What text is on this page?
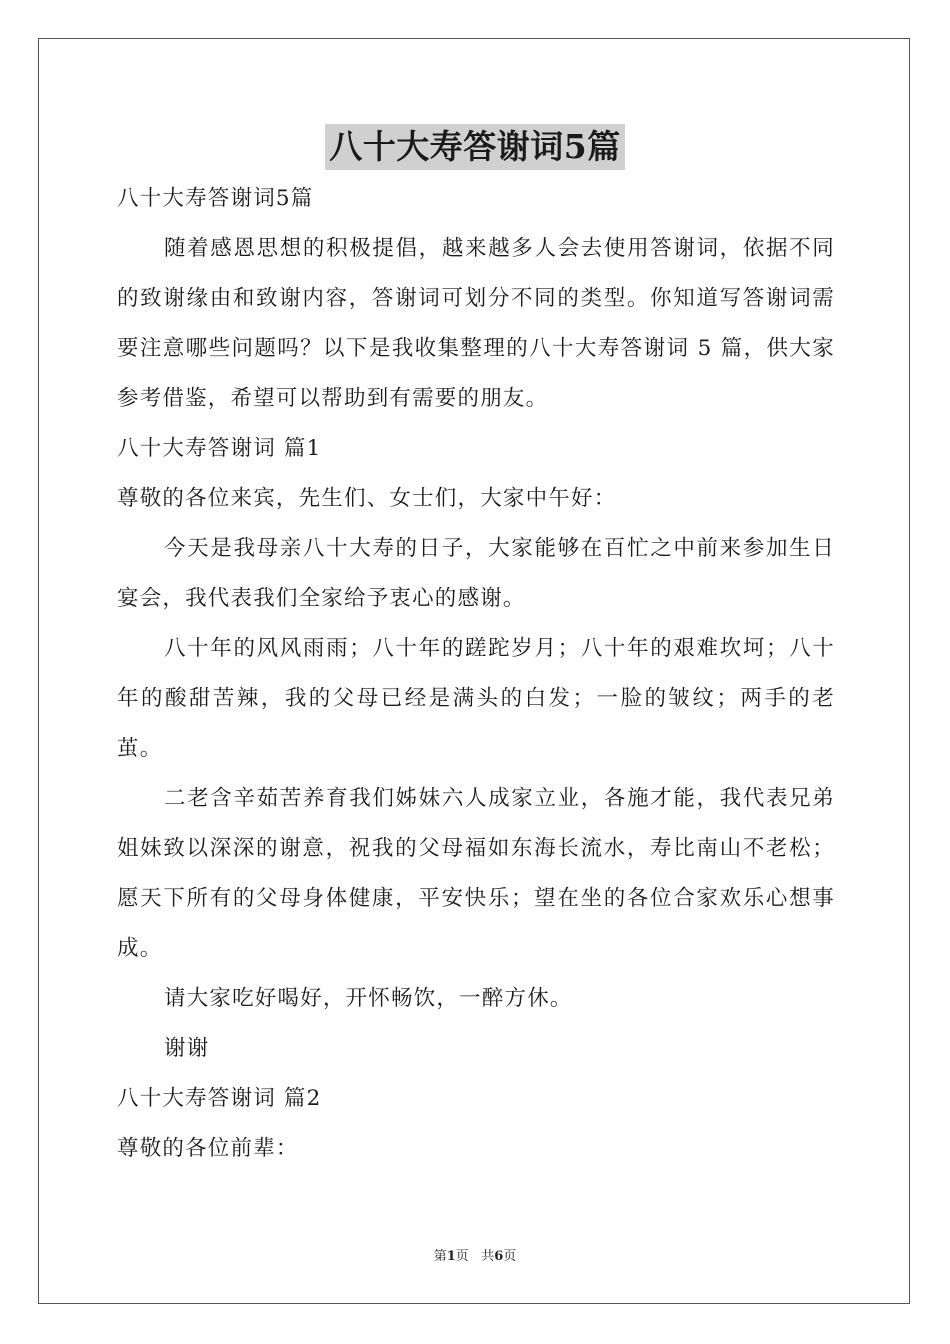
八十大寿答谢词5篇

八十大寿答谢词5篇

随着感恩思想的积极提倡，越来越多人会去使用答谢词，依据不同的致谢缘由和致谢内容，答谢词可划分不同的类型。你知道写答谢词需要注意哪些问题吗？以下是我收集整理的八十大寿答谢词 5 篇，供大家参考借鉴，希望可以帮助到有需要的朋友。

八十大寿答谢词 篇1

尊敬的各位来宾，先生们、女士们，大家中午好：

今天是我母亲八十大寿的日子，大家能够在百忙之中前来参加生日宴会，我代表我们全家给予衷心的感谢。

八十年的风风雨雨；八十年的蹉跎岁月；八十年的艰难坎坷；八十年的酸甜苦辣，我的父母已经是满头的白发；一脸的皱纹；两手的老茧。

二老含辛茹苦养育我们姊妹六人成家立业，各施才能，我代表兄弟姐妹致以深深的谢意，祝我的父母福如东海长流水，寿比南山不老松；愿天下所有的父母身体健康，平安快乐；望在坐的各位合家欢乐心想事成。

请大家吃好喝好，开怀畅饮，一醉方休。

谢谢

八十大寿答谢词 篇2

尊敬的各位前辈：

第1页 共6页
